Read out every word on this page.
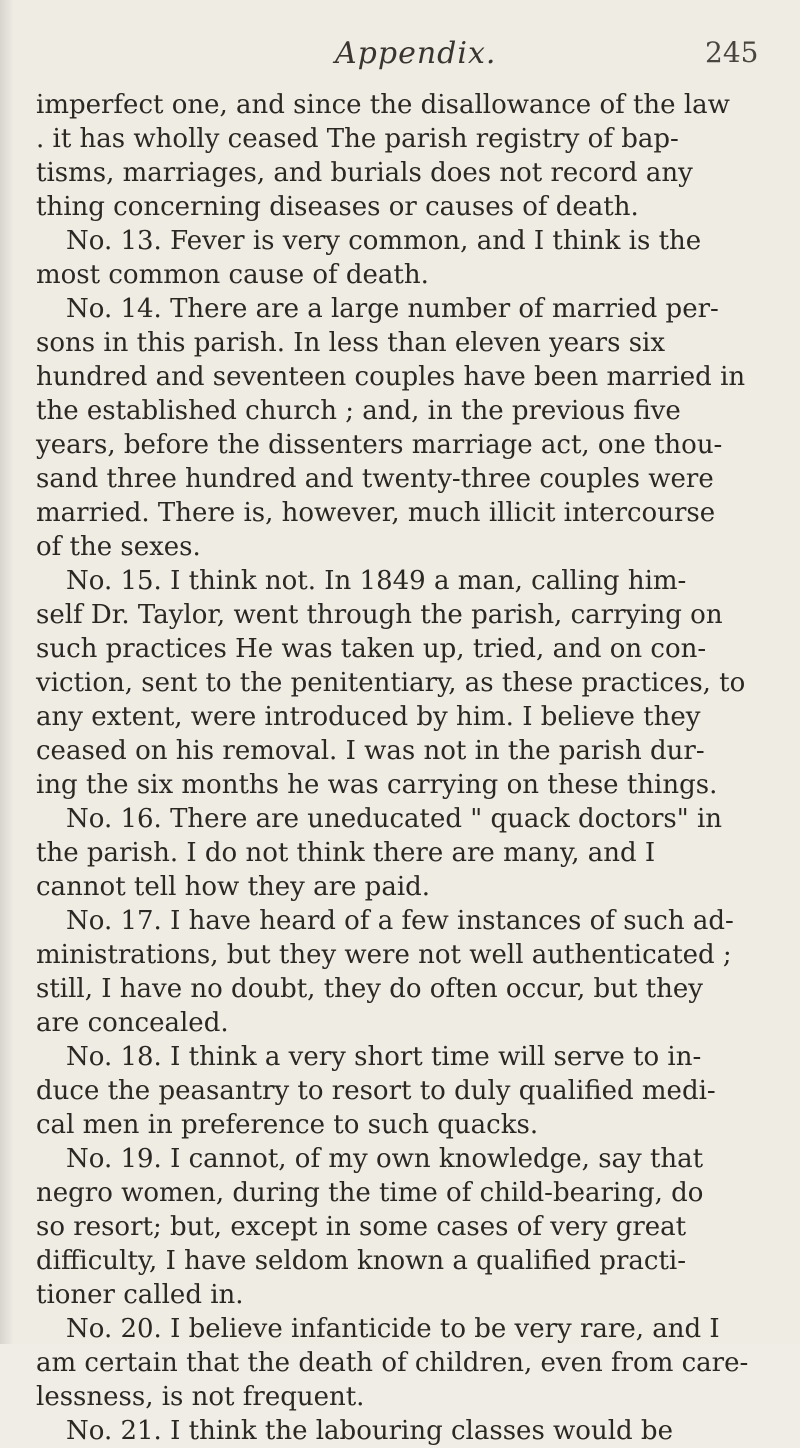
Appendix.	245
imperfect one, and since the disallowance of the law
. it has wholly ceased The parish registry of bap-
tisms, marriages, and burials does not record any
thing concerning diseases or causes of death.
No. 13. Fever is very common, and I think is the
most common cause of death.
No. 14. There are a large number of married per-
sons in this parish. In less than eleven years six
hundred and seventeen couples have been married in
the established church ; and, in the previous five
years, before the dissenters marriage act, one thou-
sand three hundred and twenty-three couples were
married. There is, however, much illicit intercourse
of the sexes.
No. 15. I think not. In 1849 a man, calling him-
self Dr. Taylor, went through the parish, carrying on
such practices He was taken up, tried, and on con-
viction, sent to the penitentiary, as these practices, to
any extent, were introduced by him. I believe they
ceased on his removal. I was not in the parish dur-
ing the six months he was carrying on these things.
No. 16. There are uneducated " quack doctors" in
the parish. I do not think there are many, and I
cannot tell how they are paid.
No. 17. I have heard of a few instances of such ad-
ministrations, but they were not well authenticated ;
still, I have no doubt, they do often occur, but they
are concealed.
No. 18. I think a very short time will serve to in-
duce the peasantry to resort to duly qualified medi-
cal men in preference to such quacks.
No. 19. I cannot, of my own knowledge, say that
negro women, during the time of child-bearing, do
so resort; but, except in some cases of very great
difficulty, I have seldom known a qualified practi-
tioner called in.
No. 20. I believe infanticide to be very rare, and I
am certain that the death of children, even from care-
lessness, is not frequent.
No. 21. I think the labouring classes would be
